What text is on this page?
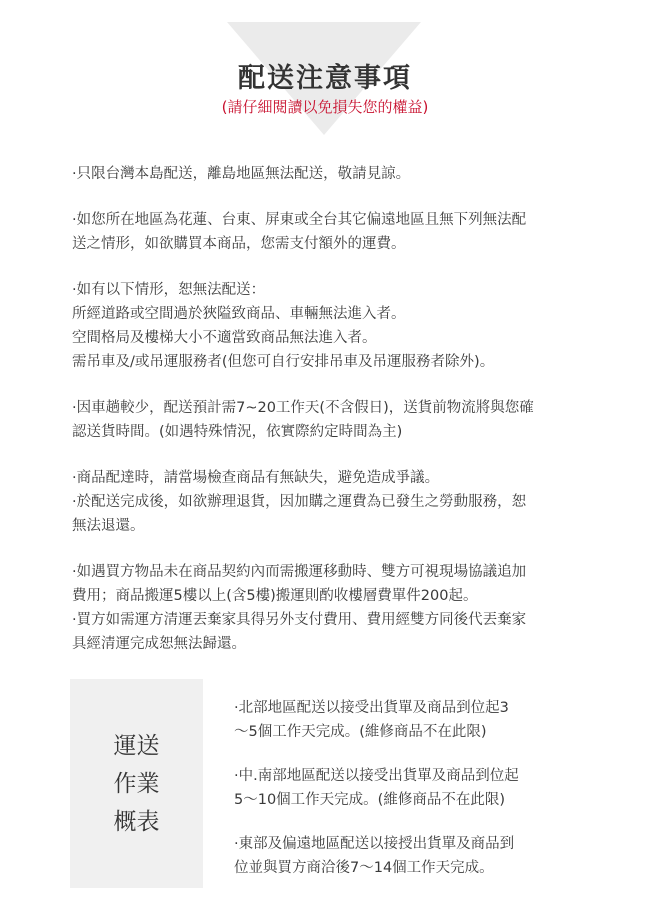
配送注意事項

(請仔細閱讀以免損失您的權益)

·只限台灣本島配送，離島地區無法配送，敬請見諒。
·如您所在地區為花蓮、台東、屏東或全台其它偏遠地區且無下列無法配
送之情形，如欲購買本商品，您需支付額外的運費。
·如有以下情形，恕無法配送：
所經道路或空間過於狹隘致商品、車輛無法進入者。
空間格局及樓梯大小不適當致商品無法進入者。
需吊車及/或吊運服務者(但您可自行安排吊車及吊運服務者除外)。
·因車趟較少，配送預計需7~20工作天(不含假日)，送貨前物流將與您確
認送貨時間。(如遇特殊情況，依實際約定時間為主)
·商品配達時，請當場檢查商品有無缺失，避免造成爭議。
·於配送完成後，如欲辦理退貨，因加購之運費為已發生之勞動服務，恕
無法退還。
·如遇買方物品未在商品契約內而需搬運移動時、雙方可視現場協議追加
費用；商品搬運5樓以上(含5樓)搬運則酌收樓層費單件200起。
·買方如需運方清運丟棄家具得另外支付費用、費用經雙方同後代丟棄家
具經清運完成恕無法歸還。
運送
作業
概表
·北部地區配送以接受出貨單及商品到位起3
～5個工作天完成。(維修商品不在此限)
·中.南部地區配送以接受出貨單及商品到位起
5～10個工作天完成。(維修商品不在此限)
·東部及偏遠地區配送以接授出貨單及商品到
位並與買方商洽後7～14個工作天完成。
